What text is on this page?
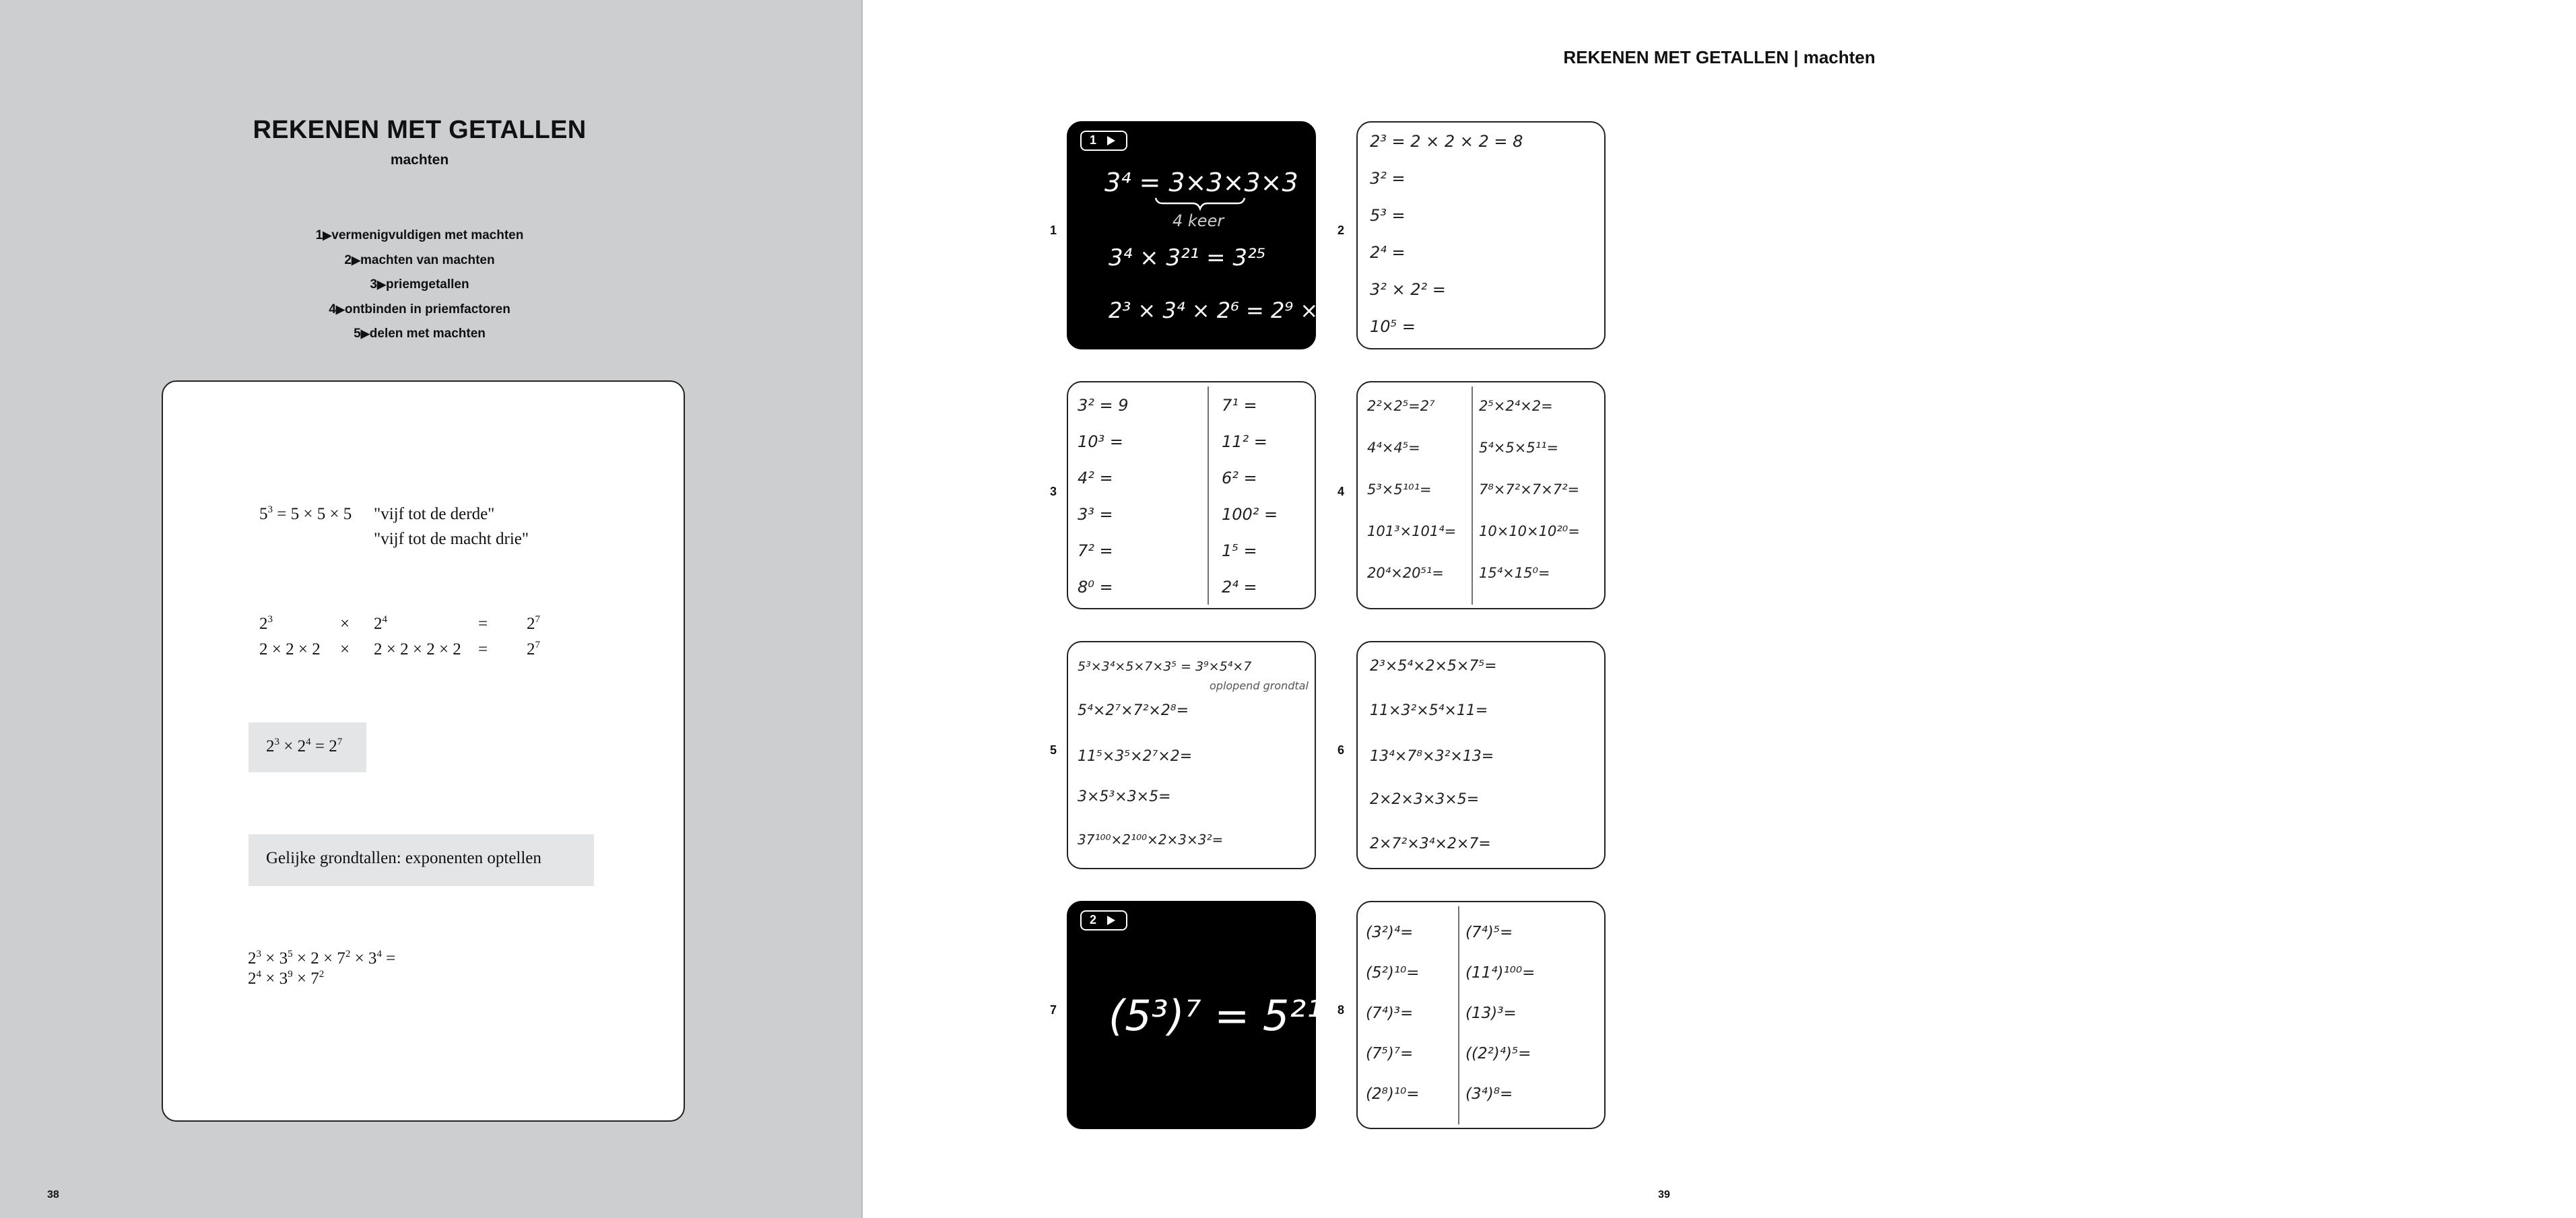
REKENEN MET GETALLEN
machten
1▶vermenigvuldigen met machten
2▶machten van machten
3▶priemgetallen
4▶ontbinden in priemfactoren
5▶delen met machten
$5^3 = 5 \times 5 \times 5$ "vijf tot de derde"
"vijf tot de macht drie"
$2^3$	× $2^4$	= $2^7$
$2 \times 2 \times 2 \times 2 \times 2 \times 2 \times 2 = 2^7$
$2^3 \times 2^4 = 2^7$
Gelijke grondtallen: exponenten optellen
$2^3 \times 3^5 \times 2 \times 7^2 \times 3^4$ =
$2^4 \times 3^9 \times 7^2$
38
REKENEN MET GETALLEN | machten
39
1
1
3⁴ = 3×3×3×3
4 keer
3⁴ × 3²¹ = 3²⁵
2³ × 3⁴ × 2⁶ = 2⁹ × 3⁴
2
2³ = 2 × 2 × 2 = 8
3² =
5³ =
2⁴ =
3² × 2² =
10⁵ =
3
3² = 9
10³ =
4² =
3³ =
7² =
8⁰ =
7¹ =
11² =
6² =
100² =
1⁵ =
2⁴ =
4
2²×2⁵=2⁷
4⁴×4⁵=
5³×5¹⁰¹=
101³×101⁴=
20⁴×20⁵¹=
2⁵×2⁴×2=
5⁴×5×5¹¹=
7⁸×7²×7×7²=
10×10×10²⁰=
15⁴×15⁰=
5
5³×3⁴×5×7×3⁵ = 3⁹×5⁴×7
oplopend grondtal
5⁴×2⁷×7²×2⁸=
11⁵×3⁵×2⁷×2=
3×5³×3×5=
37¹⁰⁰×2¹⁰⁰×2×3×3²=
6
2³×5⁴×2×5×7⁵=
11×3²×5⁴×11=
13⁴×7⁸×3²×13=
2×2×3×3×5=
2×7²×3⁴×2×7=
7
2
(5³)⁷ = 5²¹ 8
(3²)⁴=
(5²)¹⁰=
(7⁴)³=
(7⁵)⁷=
(2⁸)¹⁰=
(7⁴)⁵=
(11⁴)¹⁰⁰=
(13)³=
((2²)⁴)⁵=
(3⁴)⁸=
